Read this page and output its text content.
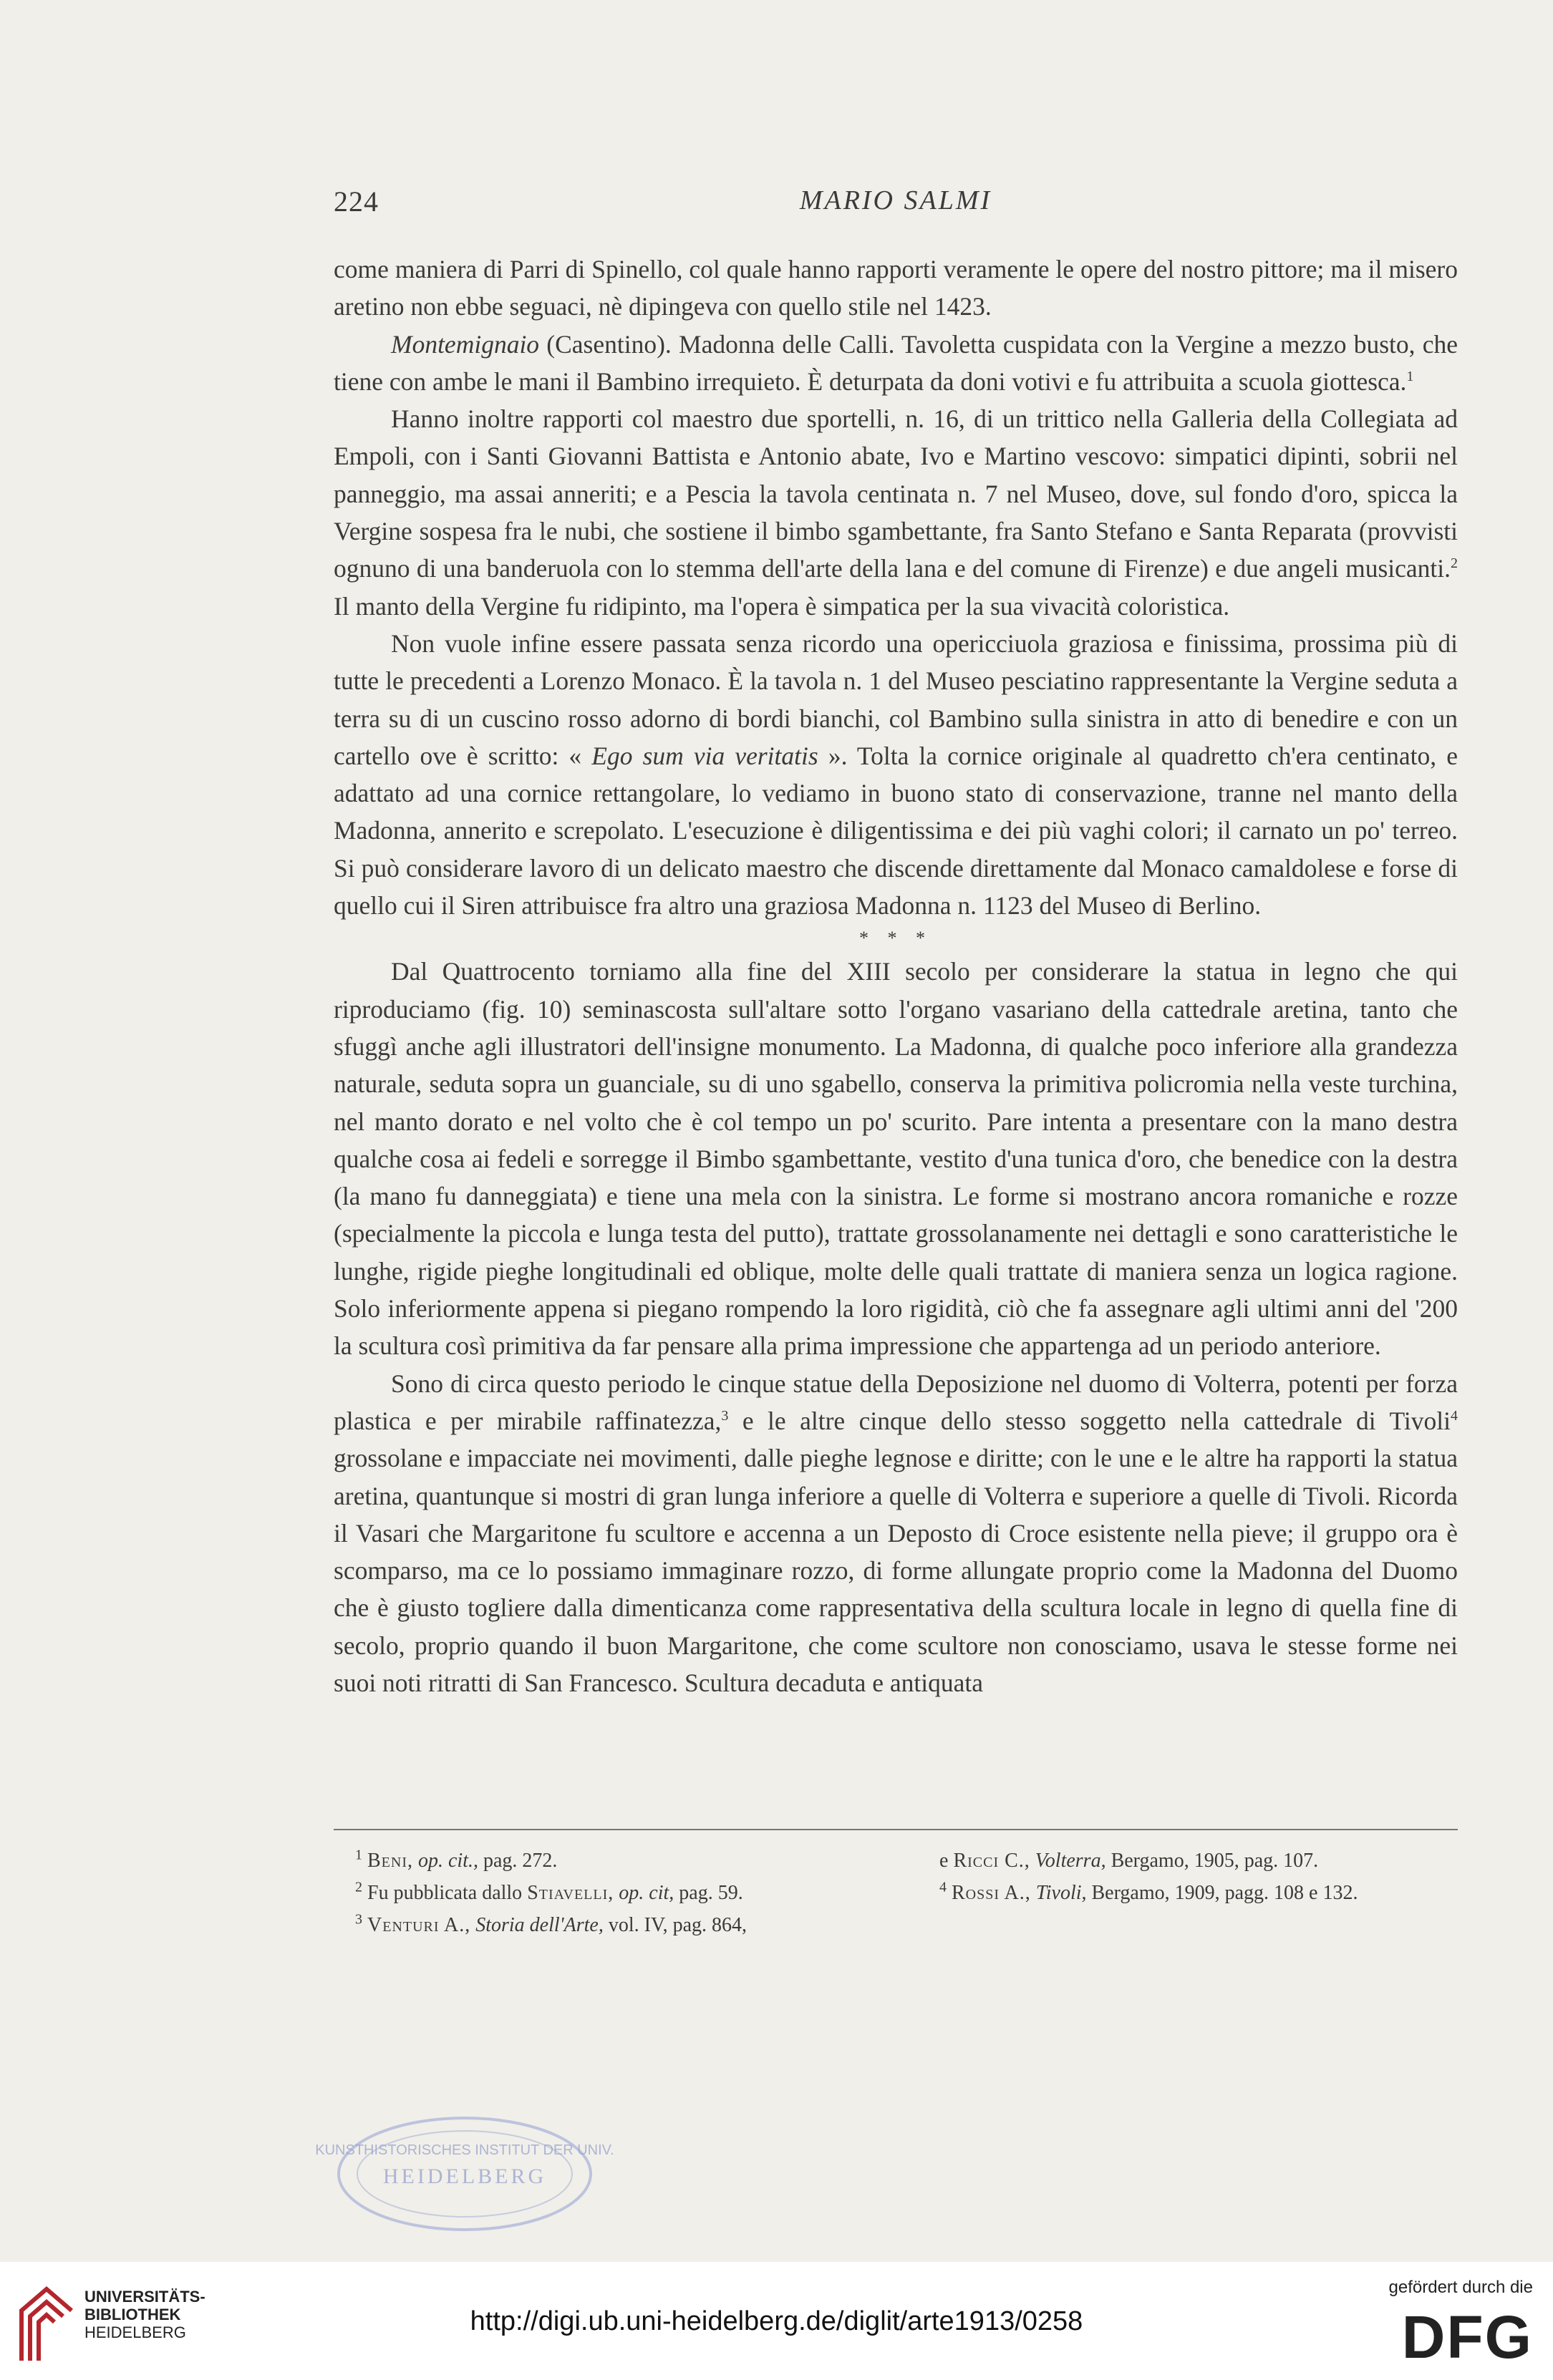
224	MARIO SALMI

come maniera di Parri di Spinello, col quale hanno rapporti veramente le opere del nostro pittore; ma il misero aretino non ebbe seguaci, nè dipingeva con quello stile nel 1423.

Montemignaio (Casentino). Madonna delle Calli. Tavoletta cuspidata con la Vergine a mezzo busto, che tiene con ambe le mani il Bambino irrequieto. È deturpata da doni votivi e fu attribuita a scuola giottesca.$^1$

Hanno inoltre rapporti col maestro due sportelli, n. 16, di un trittico nella Galleria della Collegiata ad Empoli, con i Santi Giovanni Battista e Antonio abate, Ivo e Martino vescovo: simpatici dipinti, sobrii nel panneggio, ma assai anneriti; e a Pescia la tavola centinata n. 7 nel Museo, dove, sul fondo d'oro, spicca la Vergine sospesa fra le nubi, che sostiene il bimbo sgambettante, fra Santo Stefano e Santa Reparata (provvisti ognuno di una banderuola con lo stemma dell'arte della lana e del comune di Firenze) e due angeli musicanti.$^2$ Il manto della Vergine fu ridipinto, ma l'opera è simpatica per la sua vivacità coloristica.

Non vuole infine essere passata senza ricordo una opericciuola graziosa e finissima, prossima più di tutte le precedenti a Lorenzo Monaco. È la tavola n. 1 del Museo pesciatino rappresentante la Vergine seduta a terra su di un cuscino rosso adorno di bordi bianchi, col Bambino sulla sinistra in atto di benedire e con un cartello ove è scritto: « Ego sum via veritatis ». Tolta la cornice originale al quadretto ch'era centinato, e adattato ad una cornice rettangolare, lo vediamo in buono stato di conservazione, tranne nel manto della Madonna, annerito e screpolato. L'esecuzione è diligentissima e dei più vaghi colori; il carnato un po' terreo. Si può considerare lavoro di un delicato maestro che discende direttamente dal Monaco camaldolese e forse di quello cui il Siren attribuisce fra altro una graziosa Madonna n. 1123 del Museo di Berlino.

* * *

Dal Quattrocento torniamo alla fine del XIII secolo per considerare la statua in legno che qui riproduciamo (fig. 10) seminascosta sull'altare sotto l'organo vasariano della cattedrale aretina, tanto che sfuggì anche agli illustratori dell'insigne monumento. La Madonna, di qualche poco inferiore alla grandezza naturale, seduta sopra un guanciale, su di uno sgabello, conserva la primitiva policromia nella veste turchina, nel manto dorato e nel volto che è col tempo un po' scurito. Pare intenta a presentare con la mano destra qualche cosa ai fedeli e sorregge il Bimbo sgambettante, vestito d'una tunica d'oro, che benedice con la destra (la mano fu danneggiata) e tiene una mela con la sinistra. Le forme si mostrano ancora romaniche e rozze (specialmente la piccola e lunga testa del putto), trattate grossolanamente nei dettagli e sono caratteristiche le lunghe, rigide pieghe longitudinali ed oblique, molte delle quali trattate di maniera senza un logica ragione. Solo inferiormente appena si piegano rompendo la loro rigidità, ciò che fa assegnare agli ultimi anni del '200 la scultura così primitiva da far pensare alla prima impressione che appartenga ad un periodo anteriore.

Sono di circa questo periodo le cinque statue della Deposizione nel duomo di Volterra, potenti per forza plastica e per mirabile raffinatezza,$^3$ e le altre cinque dello stesso soggetto nella cattedrale di Tivoli$^4$ grossolane e impacciate nei movimenti, dalle pieghe legnose e diritte; con le une e le altre ha rapporti la statua aretina, quantunque si mostri di gran lunga inferiore a quelle di Volterra e superiore a quelle di Tivoli. Ricorda il Vasari che Margaritone fu scultore e accenna a un Deposto di Croce esistente nella pieve; il gruppo ora è scomparso, ma ce lo possiamo immaginare rozzo, di forme allungate proprio come la Madonna del Duomo che è giusto togliere dalla dimenticanza come rappresentativa della scultura locale in legno di quella fine di secolo, proprio quando il buon Margaritone, che come scultore non conosciamo, usava le stesse forme nei suoi noti ritratti di San Francesco. Scultura decaduta e antiquata

$^1$ Beni, op. cit., pag. 272.
$^2$ Fu pubblicata dallo Stiavelli, op. cit, pag. 59.
$^3$ Venturi A., Storia dell'Arte, vol. IV, pag. 864,
e Ricci C., Volterra, Bergamo, 1905, pag. 107.
$^4$ Rossi A., Tivoli, Bergamo, 1909, pagg. 108 e 132.
KUNSTHISTORISCHES INSTITUT DER UNIV.
HEIDELBERG
UNIVERSITÄTS-
BIBLIOTHEK
HEIDELBERG	http://digi.ub.uni-heidelberg.de/diglit/arte1913/0258
gefördert durch die
DFG
